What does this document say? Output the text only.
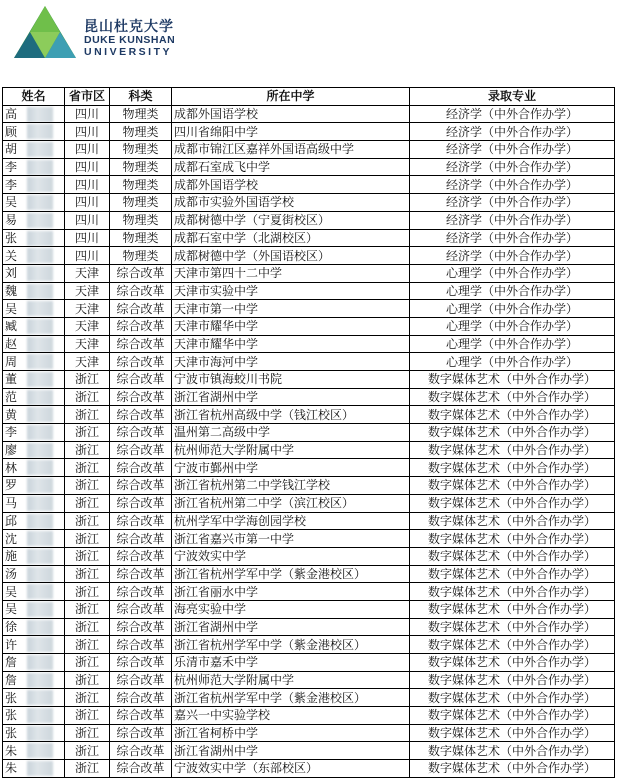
昆山杜克大学
DUKE KUNSHAN
UNIVERSITY
姓名	省市区	科类	所在中学	录取专业
高	四川	物理类	成都外国语学校	经济学（中外合作办学）
顾	四川	物理类	四川省绵阳中学	经济学（中外合作办学）
胡	四川	物理类	成都市锦江区嘉祥外国语高级中学	经济学（中外合作办学）
李	四川	物理类	成都石室成飞中学	经济学（中外合作办学）
李	四川	物理类	成都外国语学校	经济学（中外合作办学）
吴	四川	物理类	成都市实验外国语学校	经济学（中外合作办学）
易	四川	物理类	成都树德中学（宁夏街校区）	经济学（中外合作办学）
张	四川	物理类	成都石室中学（北湖校区）	经济学（中外合作办学）
关	四川	物理类	成都树德中学（外国语校区）	经济学（中外合作办学）
刘	天津	综合改革	天津市第四十二中学	心理学（中外合作办学）
魏	天津	综合改革	天津市实验中学	心理学（中外合作办学）
吴	天津	综合改革	天津市第一中学	心理学（中外合作办学）
臧	天津	综合改革	天津市耀华中学	心理学（中外合作办学）
赵	天津	综合改革	天津市耀华中学	心理学（中外合作办学）
周	天津	综合改革	天津市海河中学	心理学（中外合作办学）
董	浙江	综合改革	宁波市镇海蛟川书院	数字媒体艺术（中外合作办学）
范	浙江	综合改革	浙江省湖州中学	数字媒体艺术（中外合作办学）
黄	浙江	综合改革	浙江省杭州高级中学（钱江校区）	数字媒体艺术（中外合作办学）
李	浙江	综合改革	温州第二高级中学	数字媒体艺术（中外合作办学）
廖	浙江	综合改革	杭州师范大学附属中学	数字媒体艺术（中外合作办学）
林	浙江	综合改革	宁波市鄞州中学	数字媒体艺术（中外合作办学）
罗	浙江	综合改革	浙江省杭州第二中学钱江学校	数字媒体艺术（中外合作办学）
马	浙江	综合改革	浙江省杭州第二中学（滨江校区）	数字媒体艺术（中外合作办学）
邱	浙江	综合改革	杭州学军中学海创园学校	数字媒体艺术（中外合作办学）
沈	浙江	综合改革	浙江省嘉兴市第一中学	数字媒体艺术（中外合作办学）
施	浙江	综合改革	宁波效实中学	数字媒体艺术（中外合作办学）
汤	浙江	综合改革	浙江省杭州学军中学（紫金港校区）	数字媒体艺术（中外合作办学）
吴	浙江	综合改革	浙江省丽水中学	数字媒体艺术（中外合作办学）
吴	浙江	综合改革	海亮实验中学	数字媒体艺术（中外合作办学）
徐	浙江	综合改革	浙江省湖州中学	数字媒体艺术（中外合作办学）
许	浙江	综合改革	浙江省杭州学军中学（紫金港校区）	数字媒体艺术（中外合作办学）
詹	浙江	综合改革	乐清市嘉禾中学	数字媒体艺术（中外合作办学）
詹	浙江	综合改革	杭州师范大学附属中学	数字媒体艺术（中外合作办学）
张	浙江	综合改革	浙江省杭州学军中学（紫金港校区）	数字媒体艺术（中外合作办学）
张	浙江	综合改革	嘉兴一中实验学校	数字媒体艺术（中外合作办学）
张	浙江	综合改革	浙江省柯桥中学	数字媒体艺术（中外合作办学）
朱	浙江	综合改革	浙江省湖州中学	数字媒体艺术（中外合作办学）
朱	浙江	综合改革	宁波效实中学（东部校区）	数字媒体艺术（中外合作办学）
